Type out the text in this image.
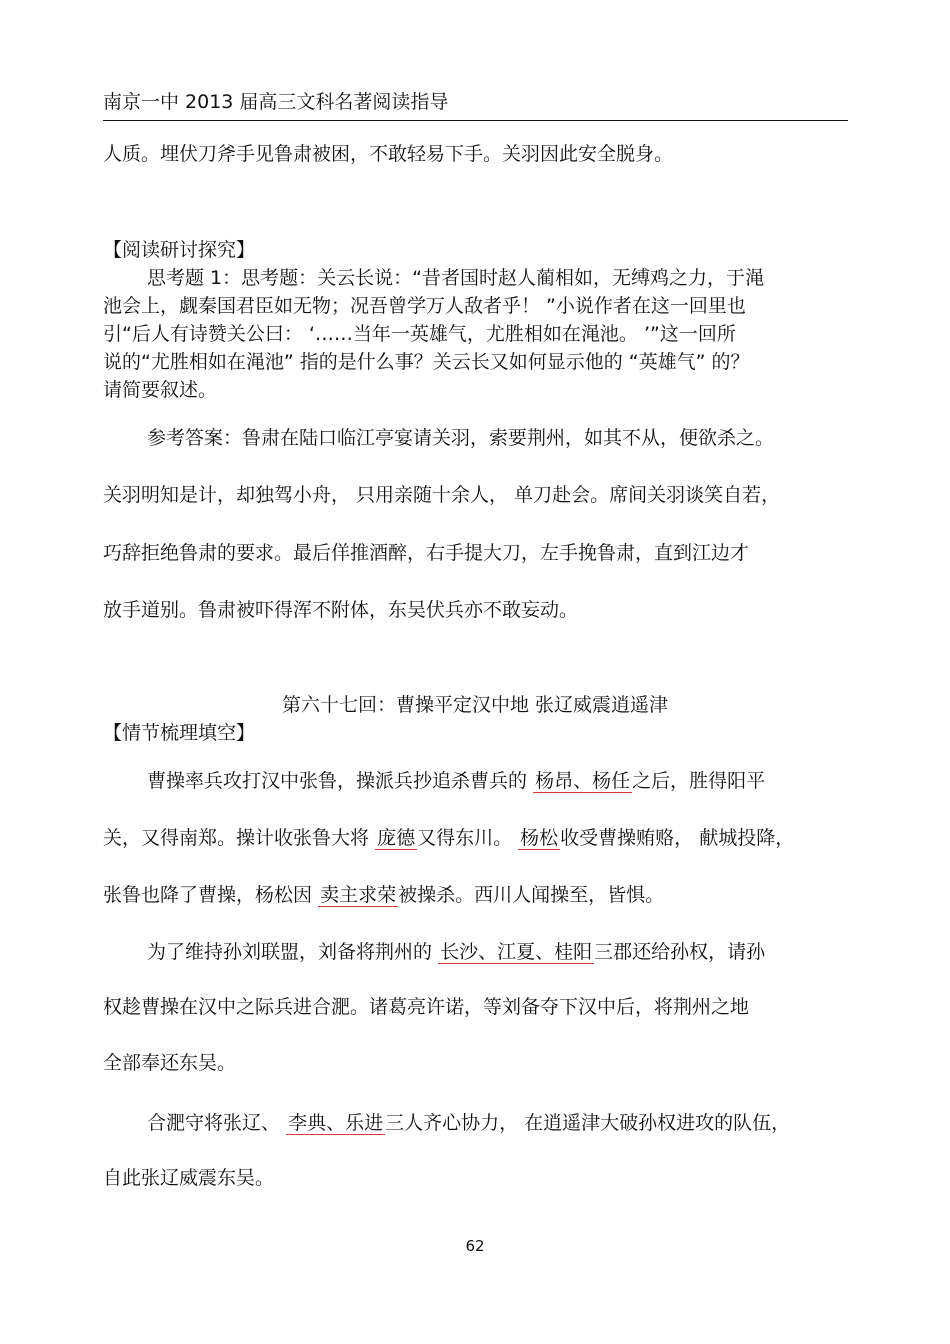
南京一中 2013 届高三文科名著阅读指导
人质。埋伏刀斧手见鲁肃被困，不敢轻易下手。关羽因此安全脱身。
【阅读研讨探究】
思考题 1：思考题：关云长说：“昔者国时赵人蔺相如，无缚鸡之力，于渑
池会上，觑秦国君臣如无物；况吾曾学万人敌者乎！ ”小说作者在这一回里也
引“后人有诗赞关公曰： ‘……当年一英雄气，尤胜相如在渑池。 ’”这一回所
说的“尤胜相如在渑池” 指的是什么事？关云长又如何显示他的 “英雄气” 的？
请简要叙述。
参考答案：鲁肃在陆口临江亭宴请关羽，索要荆州，如其不从，便欲杀之。
关羽明知是计，却独驾小舟， 只用亲随十余人， 单刀赴会。席间关羽谈笑自若，
巧辞拒绝鲁肃的要求。最后佯推酒醉，右手提大刀，左手挽鲁肃，直到江边才
放手道别。鲁肃被吓得浑不附体，东吴伏兵亦不敢妄动。
第六十七回：曹操平定汉中地 张辽威震逍遥津
【情节梳理填空】
曹操率兵攻打汉中张鲁，操派兵抄追杀曹兵的 杨昂、杨任 之后，胜得阳平
关，又得南郑。操计收张鲁大将 庞德 又得东川。 杨松 收受曹操贿赂， 献城投降，
张鲁也降了曹操，杨松因 卖主求荣 被操杀。西川人闻操至，皆惧。
为了维持孙刘联盟，刘备将荆州的 长沙、江夏、桂阳 三郡还给孙权，请孙
权趁曹操在汉中之际兵进合淝。诸葛亮许诺，等刘备夺下汉中后，将荆州之地
全部奉还东吴。
合淝守将张辽、 李典、乐进 三人齐心协力， 在逍遥津大破孙权进攻的队伍，
自此张辽威震东吴。
62
